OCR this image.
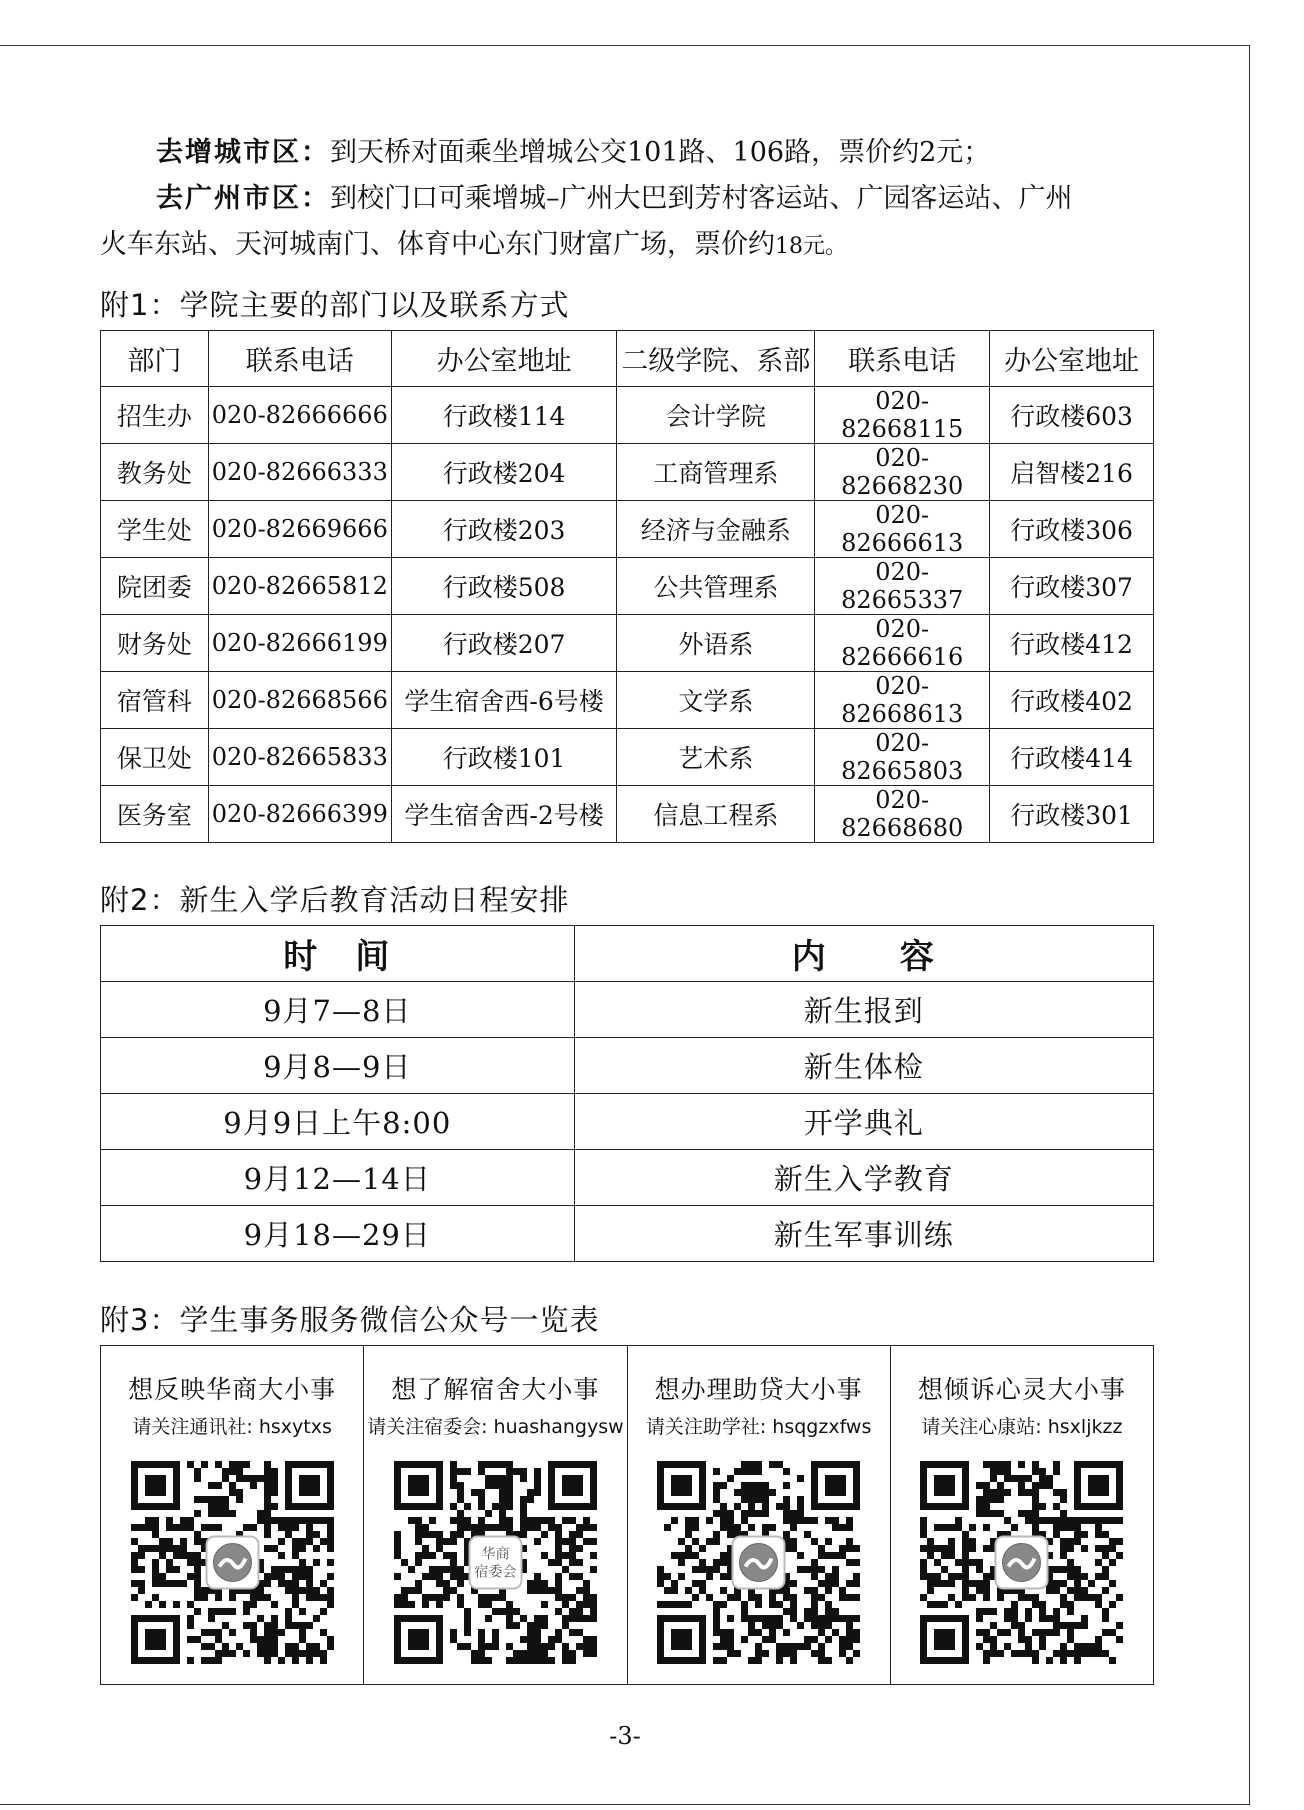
去增城市区：到天桥对面乘坐增城公交101路、106路，票价约2元；
去广州市区：到校门口可乘增城–广州大巴到芳村客运站、广园客运站、广州
火车东站、天河城南门、体育中心东门财富广场，票价约18元。
附1：学院主要的部门以及联系方式
部门	联系电话	办公室地址	二级学院、系部	联系电话	办公室地址
招生办	020-82666666	行政楼114	会计学院	020-82668115	行政楼603
教务处	020-82666333	行政楼204	工商管理系	020-82668230	启智楼216
学生处	020-82669666	行政楼203	经济与金融系	020-82666613	行政楼306
院团委	020-82665812	行政楼508	公共管理系	020-82665337	行政楼307
财务处	020-82666199	行政楼207	外语系	020-82666616	行政楼412
宿管科	020-82668566	学生宿舍西-6号楼	文学系	020-82668613	行政楼402
保卫处	020-82665833	行政楼101	艺术系	020-82665803	行政楼414
医务室	020-82666399	学生宿舍西-2号楼	信息工程系	020-82668680	行政楼301
附2：新生入学后教育活动日程安排
时　间	内　　容
9月7—8日	新生报到
9月8—9日	新生体检
9月9日上午8:00	开学典礼
9月12—14日	新生入学教育
9月18—29日	新生军事训练
附3：学生事务服务微信公众号一览表
想反映华商大小事
请关注通讯社: hsxytxs

想了解宿舍大小事
请关注宿委会: huashangysw
华商
宿委会

想办理助贷大小事
请关注助学社: hsqgzxfws

想倾诉心灵大小事
请关注心康站: hsxljkzz
-3-
